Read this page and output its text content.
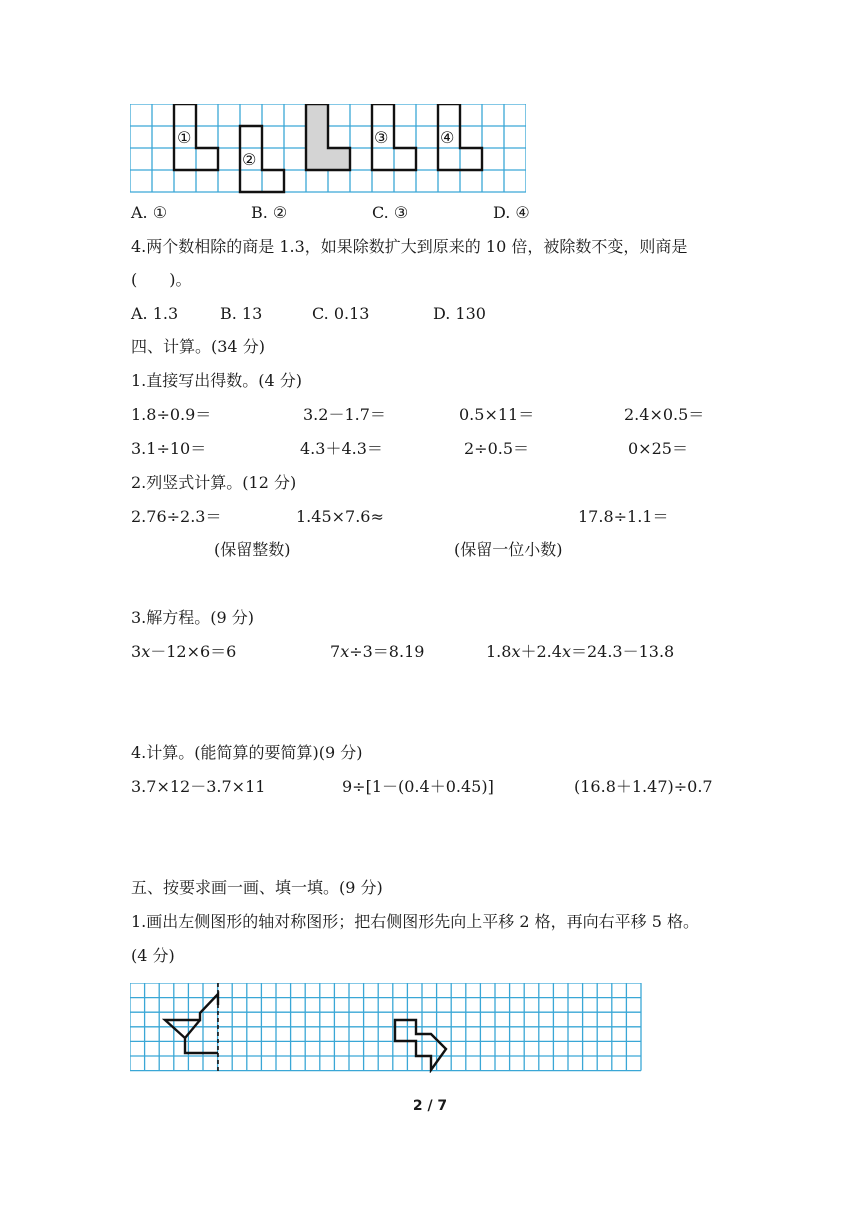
①
②
③	④
A. ①	B. ②	C. ③	D. ④
4.两个数相除的商是 1.3，如果除数扩大到原来的 10 倍，被除数不变，则商是
(　　)。
A. 1.3	B. 13	C. 0.13	D. 130
四、计算。(34 分)
1.直接写出得数。(4 分)
1.8÷0.9＝	3.2－1.7＝	0.5×11＝	2.4×0.5＝
3.1÷10＝	4.3＋4.3＝	2÷0.5＝	0×25＝
2.列竖式计算。(12 分)
2.76÷2.3＝	1.45×7.6≈	17.8÷1.1＝
(保留整数)	(保留一位小数)
3.解方程。(9 分)
3x－12×6＝6	7x÷3＝8.19	1.8x＋2.4x＝24.3－13.8
4.计算。(能简算的要简算)(9 分)
3.7×12－3.7×11	9÷[1－(0.4＋0.45)]	(16.8＋1.47)÷0.7
五、按要求画一画、填一填。(9 分)
1.画出左侧图形的轴对称图形；把右侧图形先向上平移 2 格，再向右平移 5 格。
(4 分)
2 / 7
